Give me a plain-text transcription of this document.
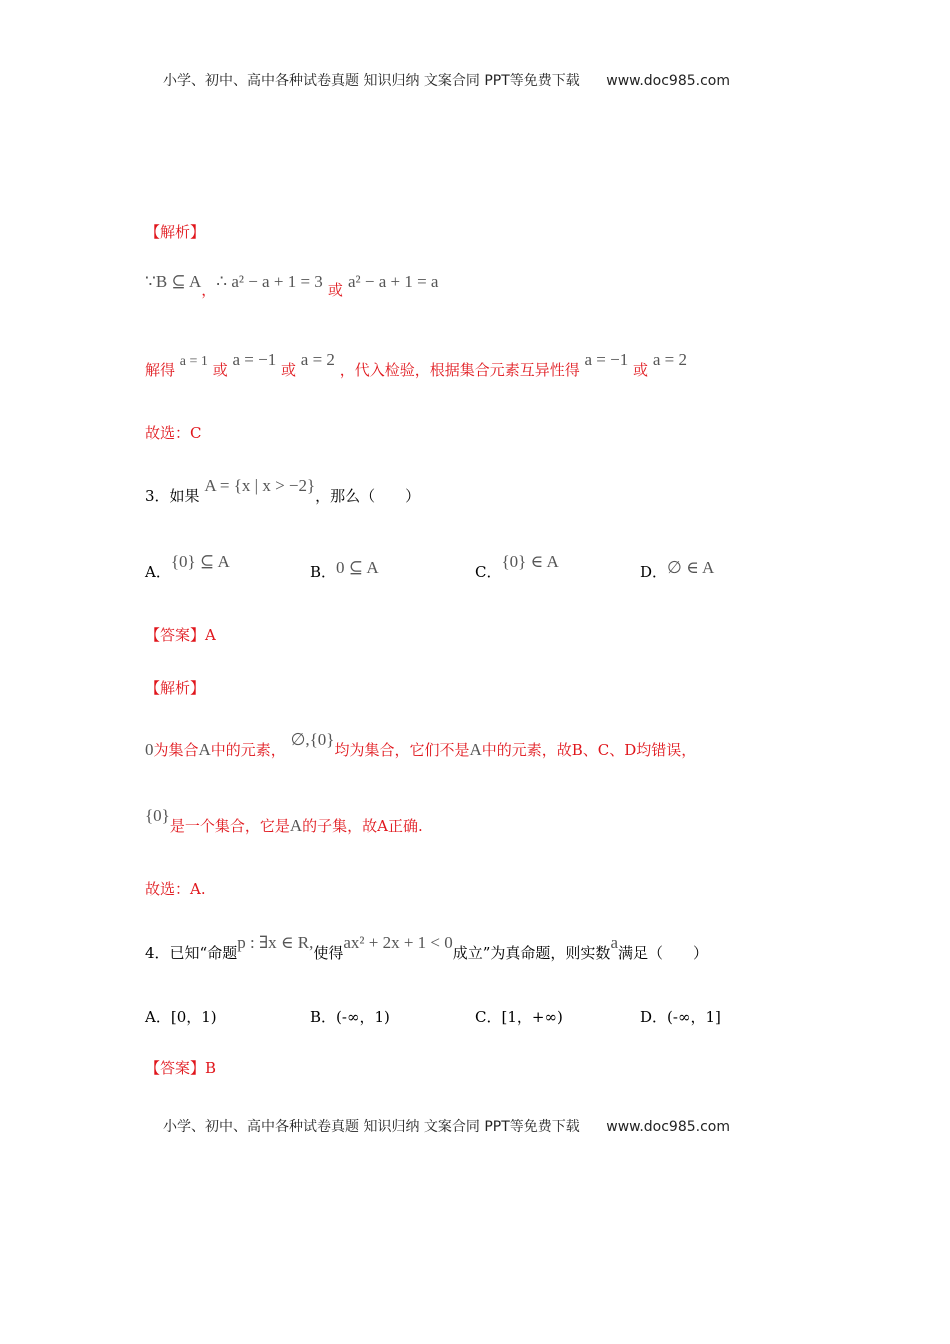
小学、初中、高中各种试卷真题 知识归纳 文案合同 PPT等免费下载 www.doc985.com
【解析】
∵B ⊆ A，∴ a² − a + 1 = 3 或 a² − a + 1 = a
解得 a = 1 或 a = −1 或 a = 2 ，代入检验，根据集合元素互异性得 a = −1 或 a = 2
故选：C
3．如果 A = {x | x > −2}，那么（　　）
A．{0} ⊆ A
B．0 ⊆ A	C．{0} ∈ A
D．∅ ∈ A
【答案】A
【解析】
0为集合A中的元素， ∅,{0}均为集合，它们不是A中的元素，故B、C、D均错误，
{0}是一个集合，它是A的子集，故A正确.
故选：A.
4．已知“命题p : ∃x ∈ R,使得ax² + 2x + 1 < 0成立”为真命题，则实数a满足（　　）
A．[0，1)	B．(-∞，1)	C．[1，+∞)	D．(-∞，1]
【答案】B
小学、初中、高中各种试卷真题 知识归纳 文案合同 PPT等免费下载 www.doc985.com
